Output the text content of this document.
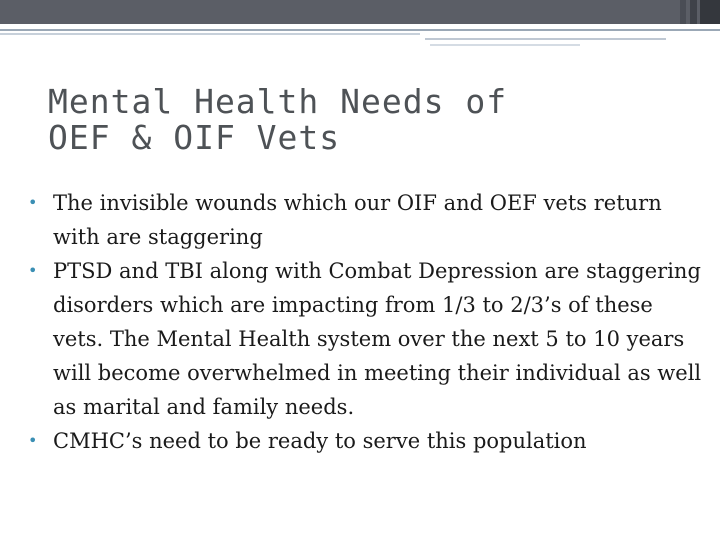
Mental Health Needs of
OEF & OIF Vets
• The invisible wounds which our OIF and OEF vets return with are staggering
• PTSD and TBI along with Combat Depression are staggering disorders which are impacting from 1/3 to 2/3’s of these vets. The Mental Health system over the next 5 to 10 years will become overwhelmed in meeting their individual as well as marital and family needs.
• CMHC’s need to be ready to serve this population
